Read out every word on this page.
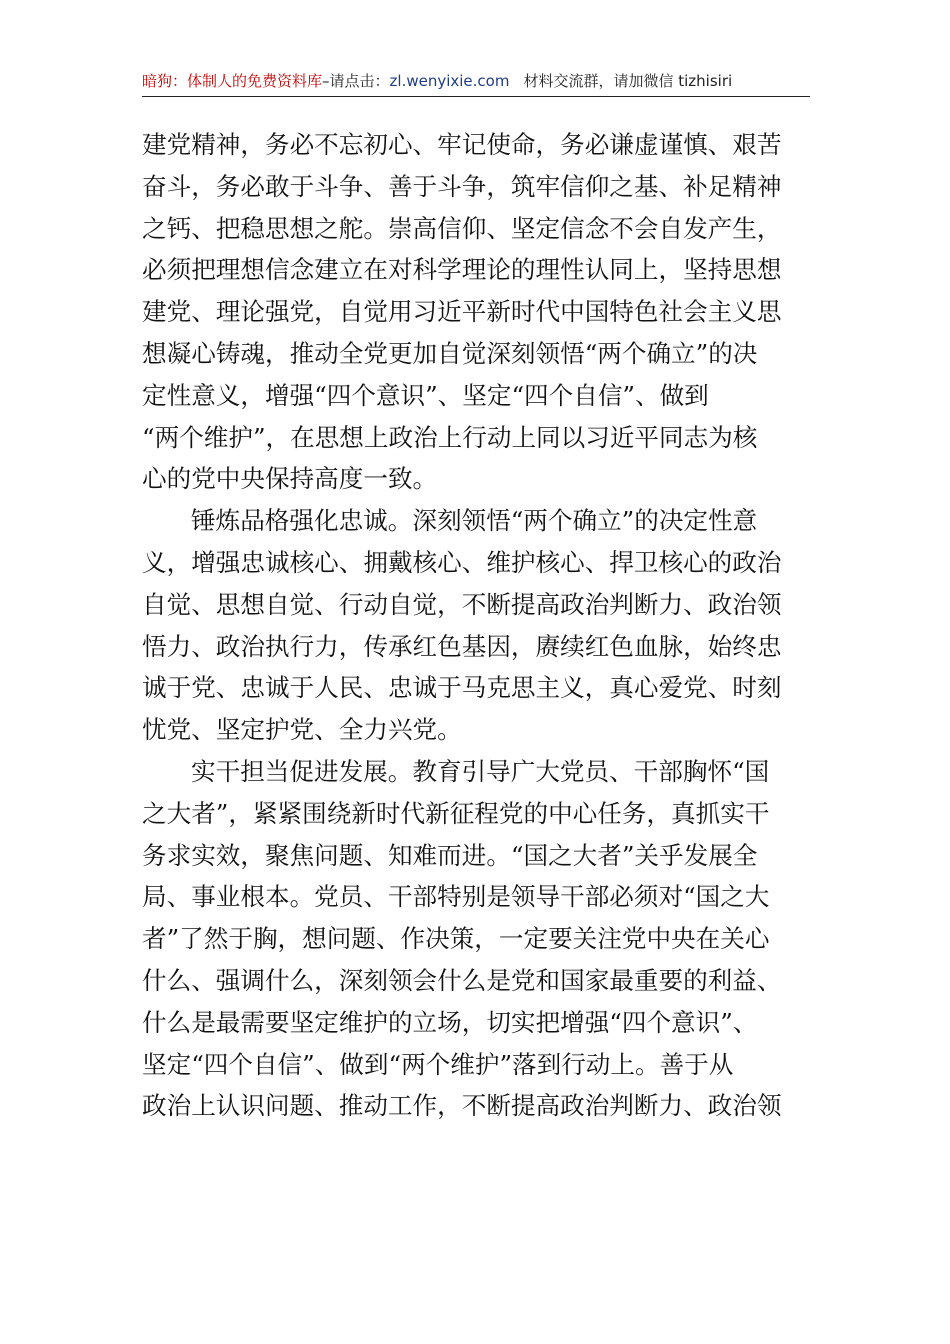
暗狗：体制人的免费资料库–请点击：zl.wenyixie.com 材料交流群，请加微信 tizhisiri
建党精神，务必不忘初心、牢记使命，务必谦虚谨慎、艰苦
奋斗，务必敢于斗争、善于斗争，筑牢信仰之基、补足精神
之钙、把稳思想之舵。崇高信仰、坚定信念不会自发产生，
必须把理想信念建立在对科学理论的理性认同上，坚持思想
建党、理论强党，自觉用习近平新时代中国特色社会主义思
想凝心铸魂，推动全党更加自觉深刻领悟“两个确立”的决
定性意义，增强“四个意识”、坚定“四个自信”、做到
“两个维护”，在思想上政治上行动上同以习近平同志为核
心的党中央保持高度一致。
锤炼品格强化忠诚。深刻领悟“两个确立”的决定性意
义，增强忠诚核心、拥戴核心、维护核心、捍卫核心的政治
自觉、思想自觉、行动自觉，不断提高政治判断力、政治领
悟力、政治执行力，传承红色基因，赓续红色血脉，始终忠
诚于党、忠诚于人民、忠诚于马克思主义，真心爱党、时刻
忧党、坚定护党、全力兴党。
实干担当促进发展。教育引导广大党员、干部胸怀“国
之大者”，紧紧围绕新时代新征程党的中心任务，真抓实干
务求实效，聚焦问题、知难而进。“国之大者”关乎发展全
局、事业根本。党员、干部特别是领导干部必须对“国之大
者”了然于胸，想问题、作决策，一定要关注党中央在关心
什么、强调什么，深刻领会什么是党和国家最重要的利益、
什么是最需要坚定维护的立场，切实把增强“四个意识”、
坚定“四个自信”、做到“两个维护”落到行动上。善于从
政治上认识问题、推动工作，不断提高政治判断力、政治领
